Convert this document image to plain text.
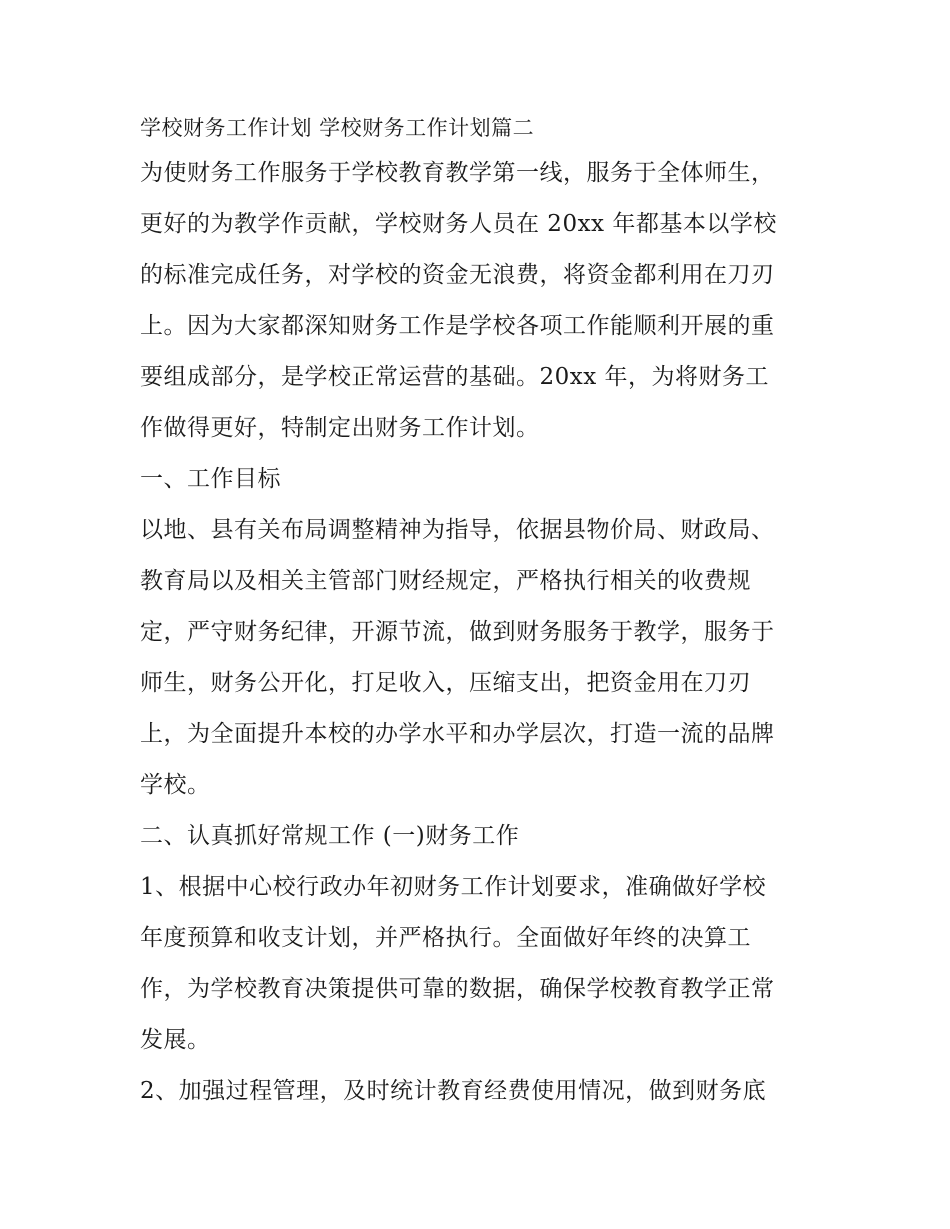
学校财务工作计划 学校财务工作计划篇二
为使财务工作服务于学校教育教学第一线，服务于全体师生，
更好的为教学作贡献，学校财务人员在 20xx 年都基本以学校
的标准完成任务，对学校的资金无浪费，将资金都利用在刀刃
上。因为大家都深知财务工作是学校各项工作能顺利开展的重
要组成部分，是学校正常运营的基础。20xx 年，为将财务工
作做得更好，特制定出财务工作计划。
一、工作目标
以地、县有关布局调整精神为指导，依据县物价局、财政局、
教育局以及相关主管部门财经规定，严格执行相关的收费规
定，严守财务纪律，开源节流，做到财务服务于教学，服务于
师生，财务公开化，打足收入，压缩支出，把资金用在刀刃
上，为全面提升本校的办学水平和办学层次，打造一流的品牌
学校。
二、认真抓好常规工作 (一)财务工作
1、根据中心校行政办年初财务工作计划要求，准确做好学校
年度预算和收支计划，并严格执行。全面做好年终的决算工
作，为学校教育决策提供可靠的数据，确保学校教育教学正常
发展。
2、加强过程管理，及时统计教育经费使用情况，做到财务底
